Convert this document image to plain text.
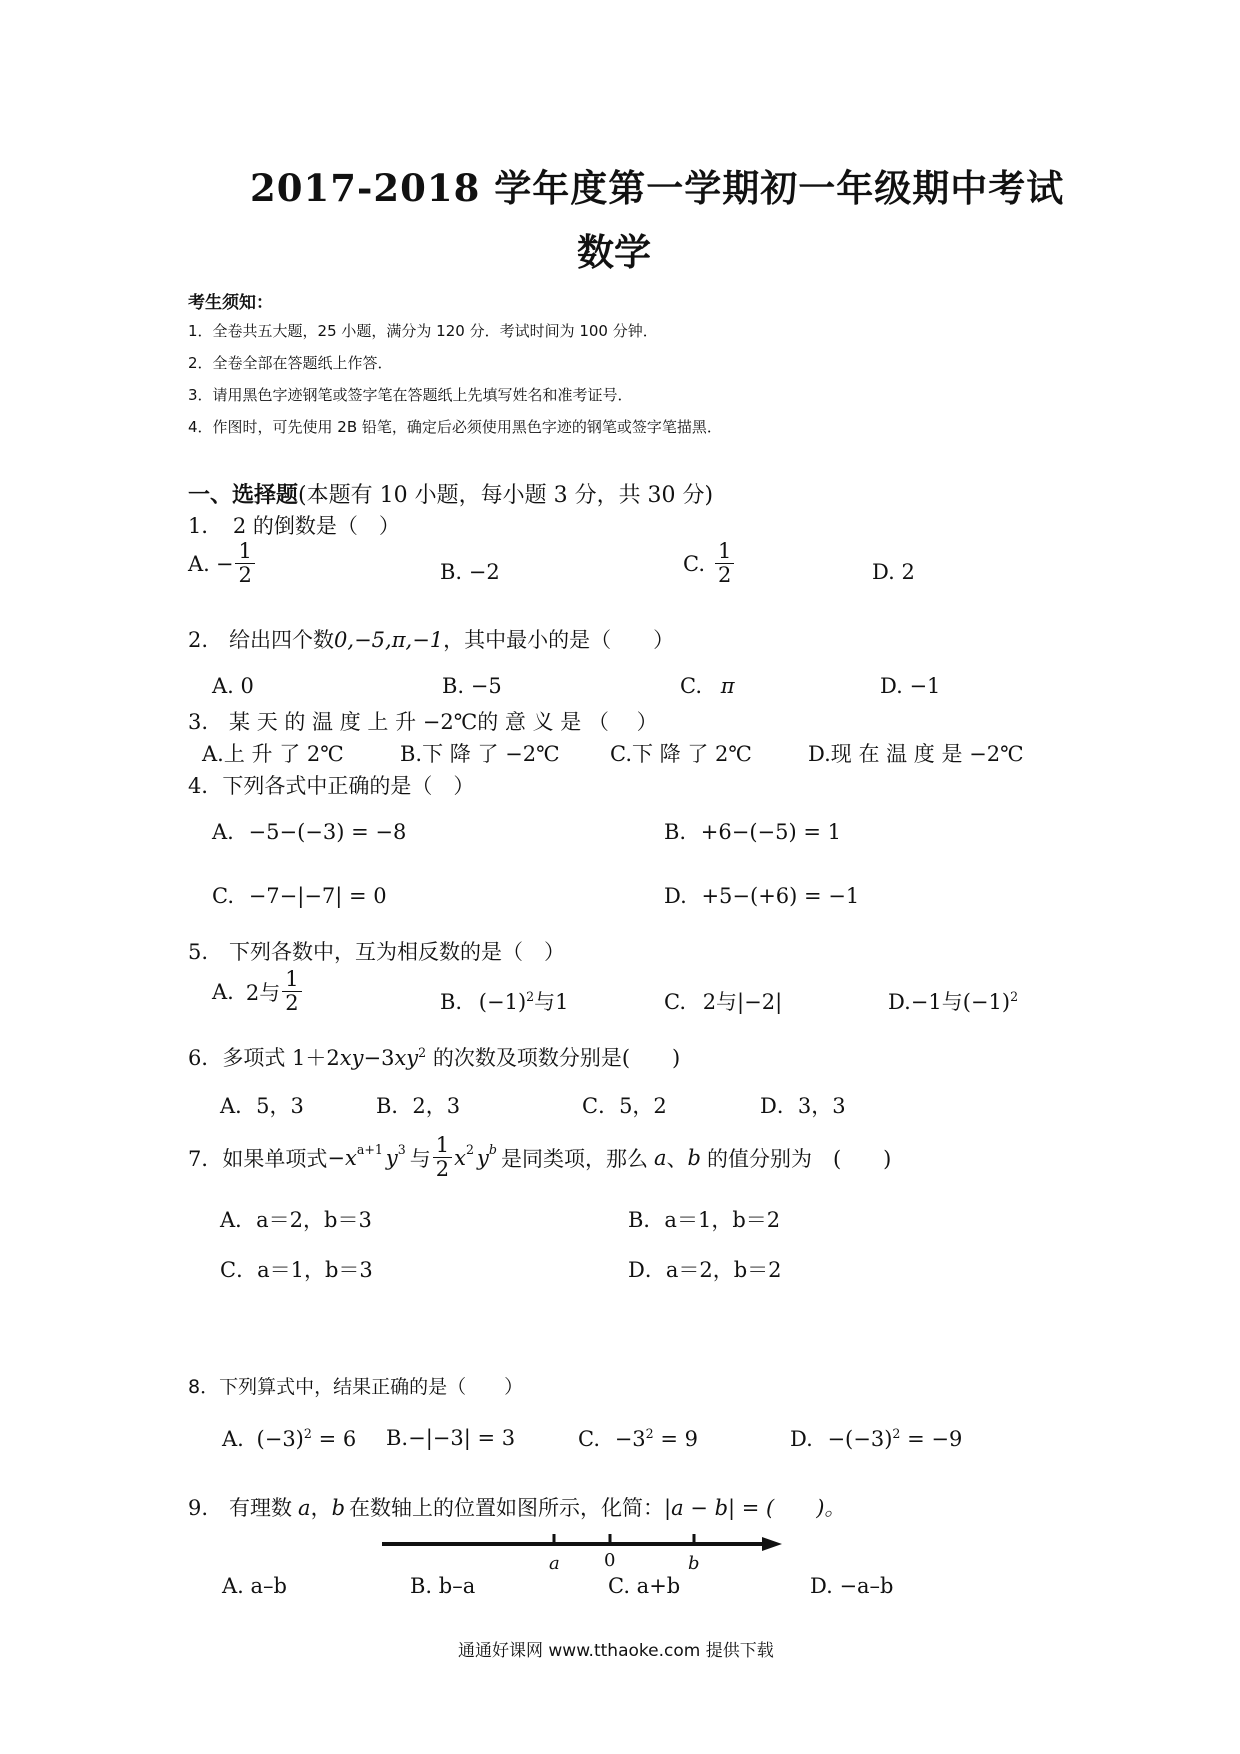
2017-2018 学年度第一学期初一年级期中考试
数学
考生须知：
1．全卷共五大题，25 小题，满分为 120 分．考试时间为 100 分钟．
2．全卷全部在答题纸上作答．
3．请用黑色字迹钢笔或签字笔在答题纸上先填写姓名和准考证号．
4．作图时，可先使用 2B 铅笔，确定后必须使用黑色字迹的钢笔或签字笔描黑．
一、选择题(本题有 10 小题，每小题 3 分，共 30 分)
1．　2 的倒数是（　）
A. − $\frac{1}{2}$	B. −2	C. $\frac{1}{2}$	D. 2
2.　给出四个数0,−5,π,−1，其中最小的是（　　）
A. 0	B. −5	C. π	D. −1
3.　某 天 的 温 度 上 升 −2℃的 意 义 是 （　 ）
A.上 升 了 2℃	B.下 降 了 −2℃ C.下 降 了 2℃	D.现 在 温 度 是 −2℃
4．下列各式中正确的是（　）
A. −5−(−3) = −8	B. +6−(−5) = 1
C. −7−|−7| = 0	D. +5−(+6) = −1
5.　下列各数中，互为相反数的是（　）
A. 2与 $\frac{1}{2}$	B. $(-1)^2$与1	C. 2与|−2|	D.−1与$(-1)^2$
6．多项式 $1+2xy-3xy^2$ 的次数及项数分别是(　　)
A．5，3	B．2，3	C．5，2	D．3，3
7．如果单项式 $-x^{a+1}$ $y^3$ 与 $\frac{1}{2} x^2$ $y^b$ 是同类项，那么 a 、 b 的值分别为　(　　)
A．a＝2，b＝3	B．a＝1，b＝2
C．a＝1，b＝3	D．a＝2，b＝2
8．下列算式中，结果正确的是（　　）
A. $(-3)^2 = 6$ B.−|−3| = 3	C. $-3^2 = 9$	D. $-(-3)^2 = -9$
9.　有理数 a，b 在数轴上的位置如图所示，化简：|a − b| = (　　)。
a 0	b
A. a–b	B. b–a	C. a+b	D. −a–b
通通好课网 www.tthaoke.com 提供下载
